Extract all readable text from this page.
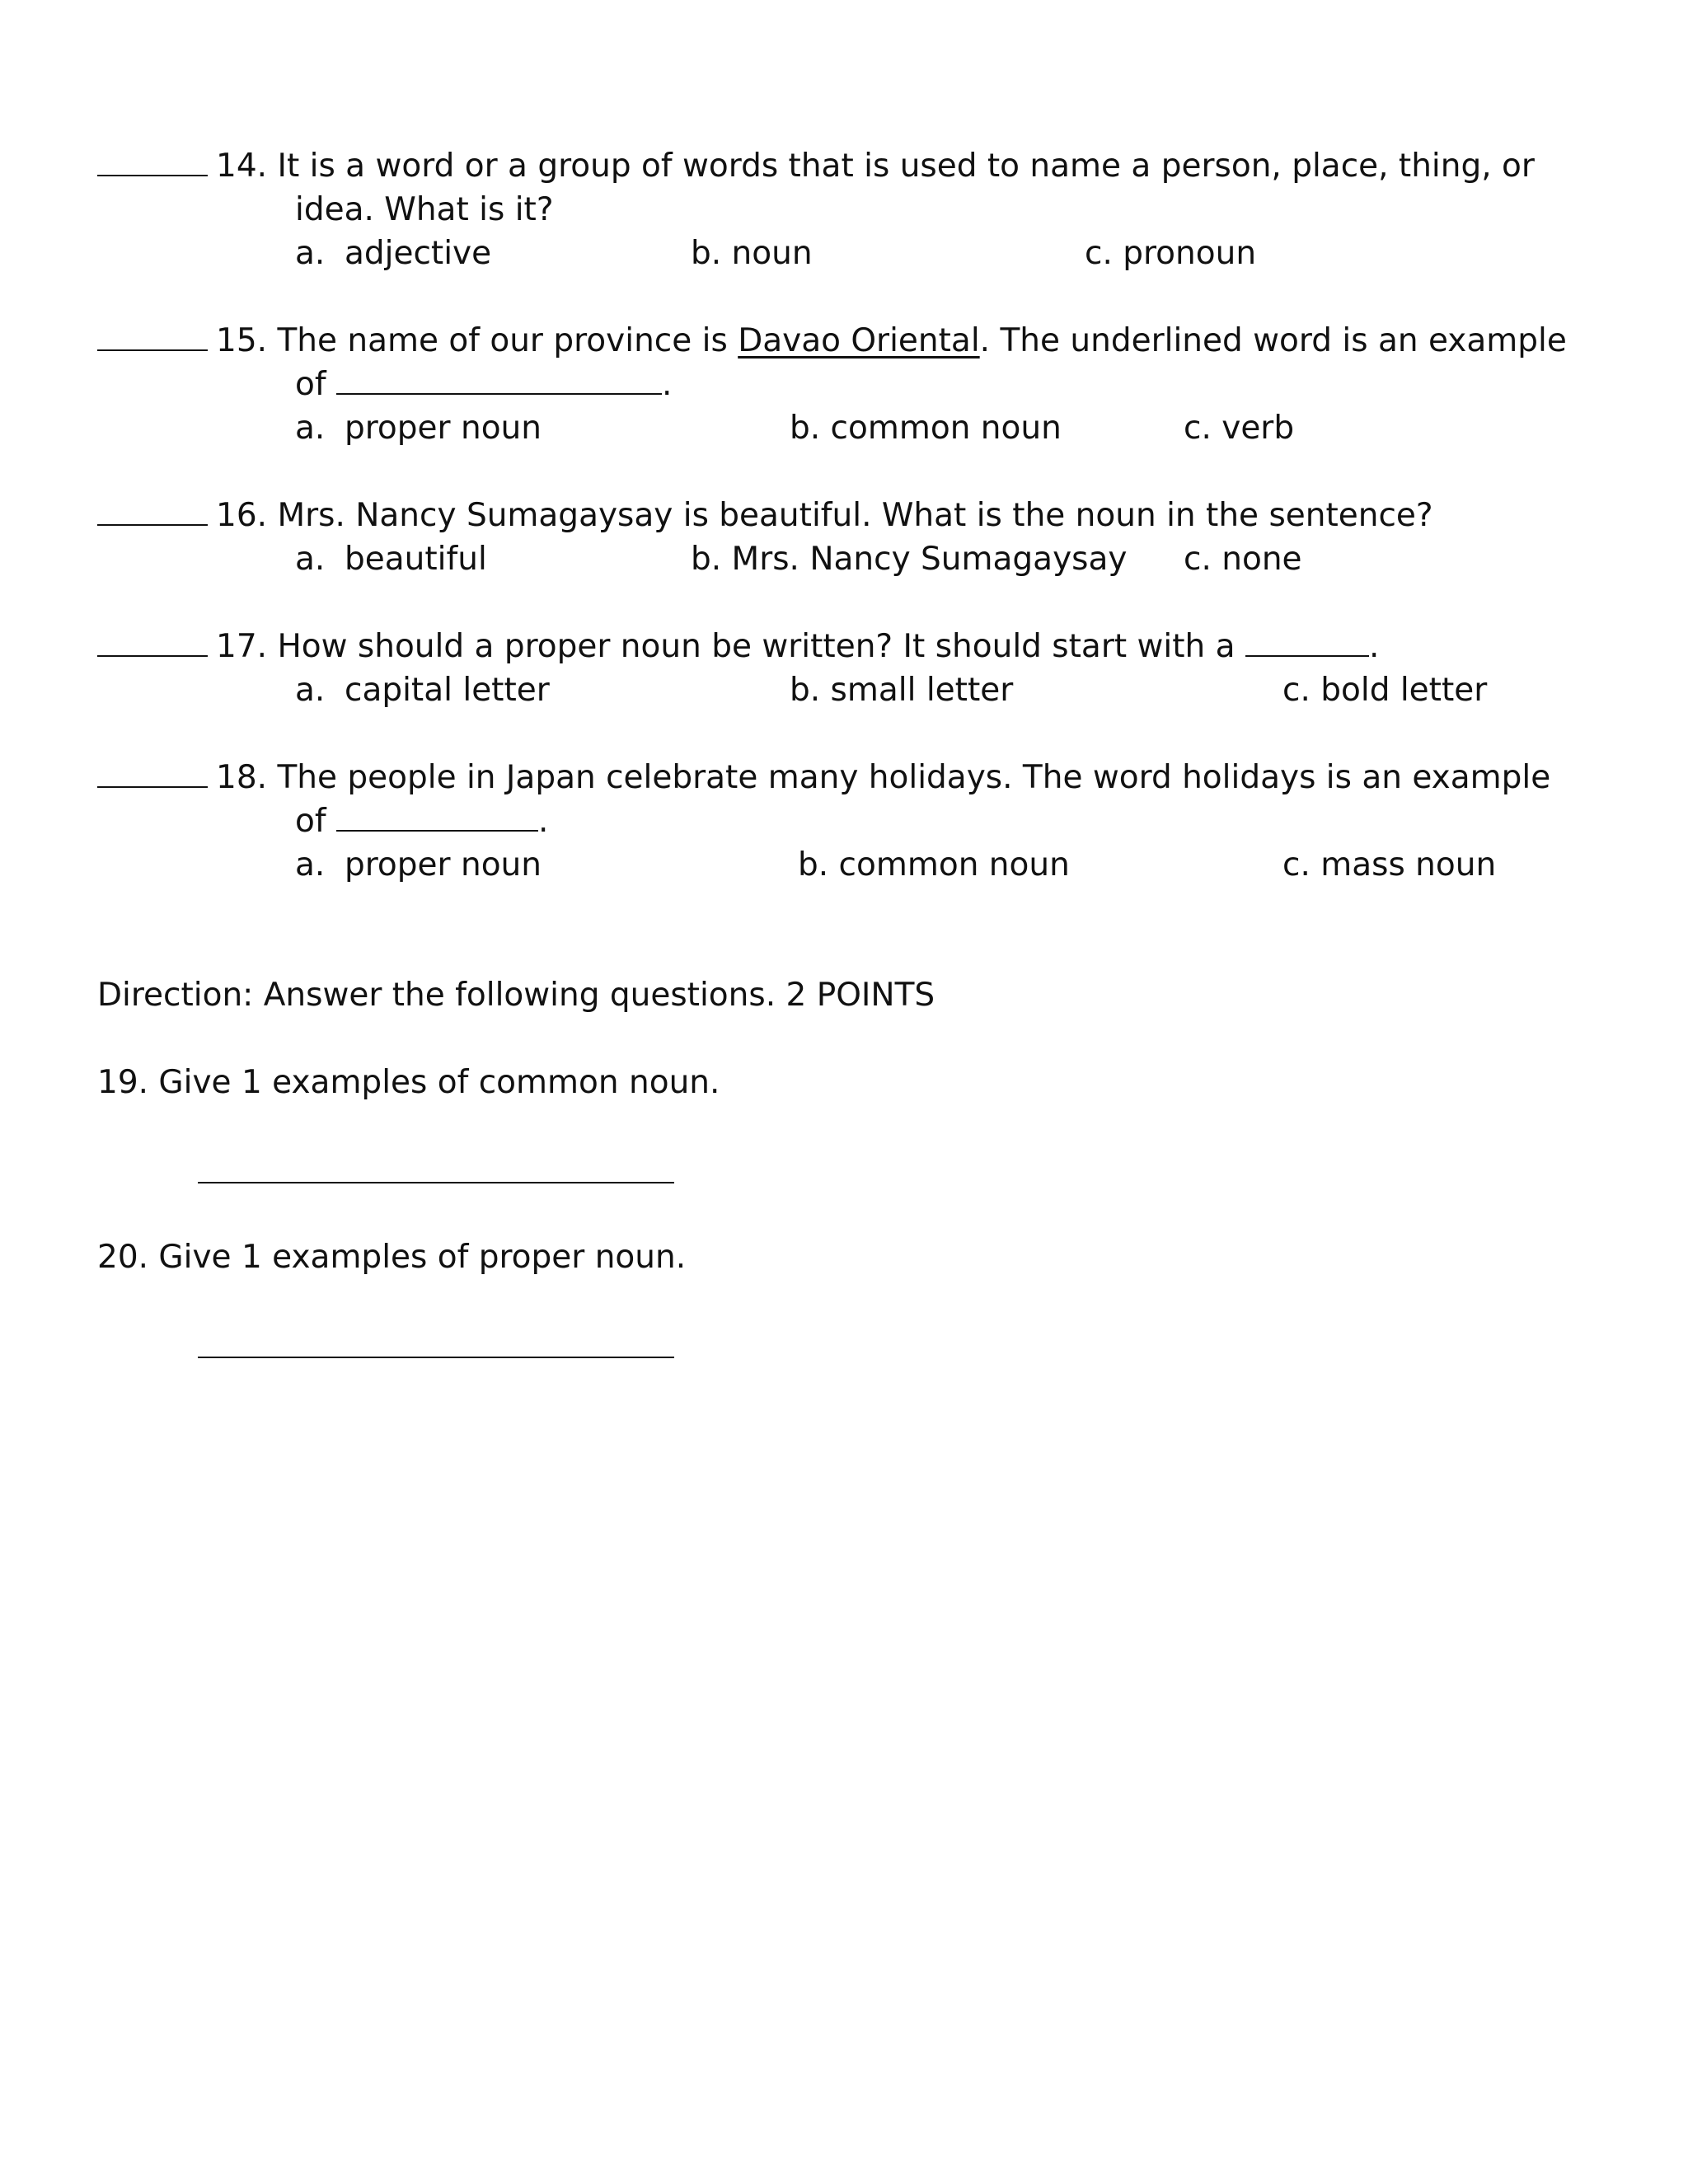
14. It is a word or a group of words that is used to name a person, place, thing, or
idea. What is it?
a. adjective	b. noun	c. pronoun
15. The name of our province is Davao Oriental. The underlined word is an example
of	.
a. proper noun	b. common noun	c. verb
16. Mrs. Nancy Sumagaysay is beautiful. What is the noun in the sentence?
a. beautiful	b. Mrs. Nancy Sumagaysay c. none
17. How should a proper noun be written? It should start with a	.
a. capital letter	b. small letter	c. bold letter
18. The people in Japan celebrate many holidays. The word holidays is an example
of	.
a. proper noun	b. common noun	c. mass noun
Direction: Answer the following questions. 2 POINTS
19. Give 1 examples of common noun.
20. Give 1 examples of proper noun.
